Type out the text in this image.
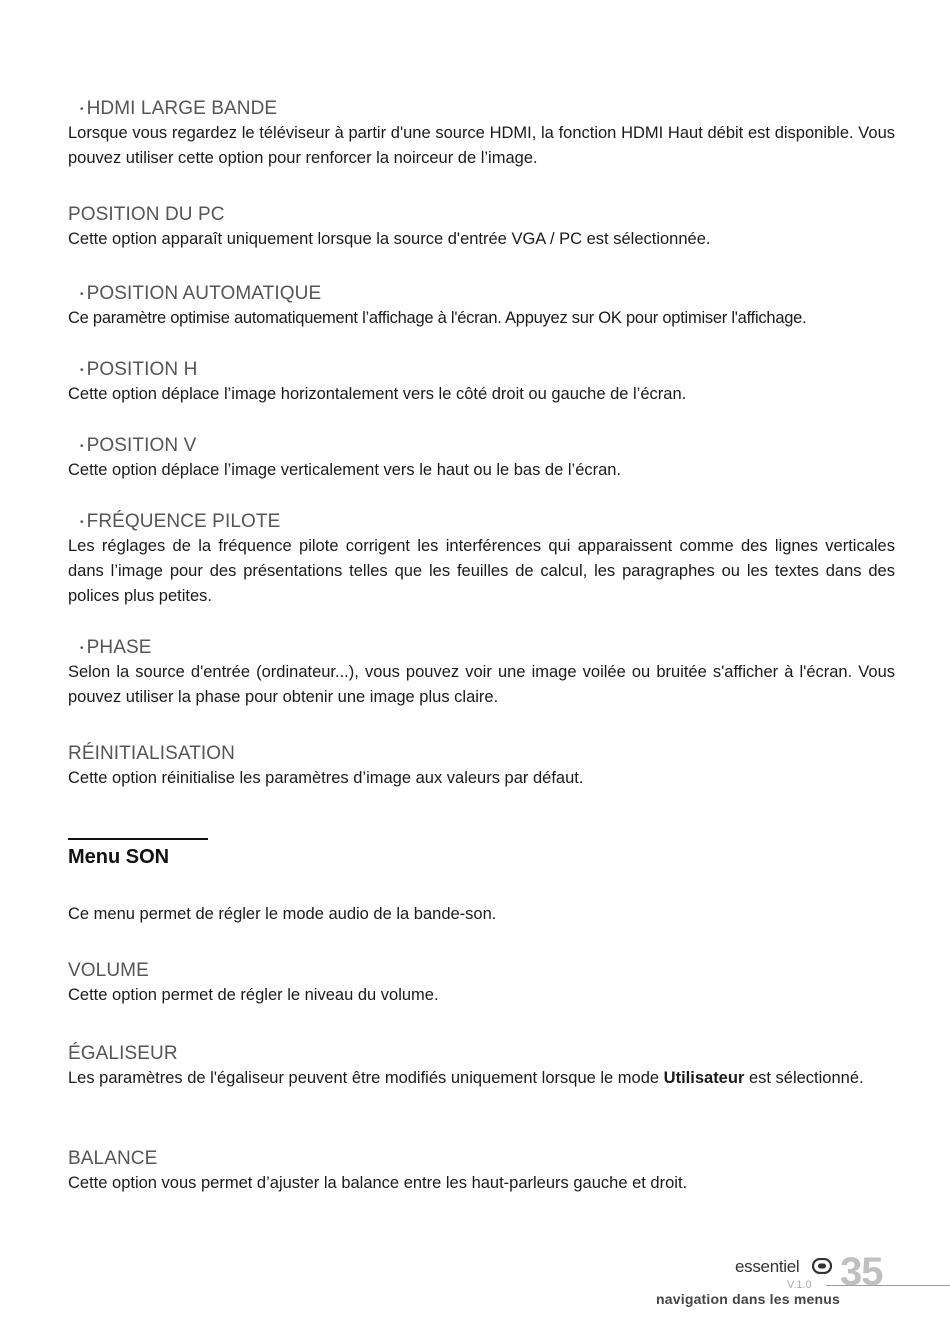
• HDMI LARGE BANDE
Lorsque vous regardez le téléviseur à partir d'une source HDMI, la fonction HDMI Haut débit est disponible. Vous pouvez utiliser cette option pour renforcer la noirceur de l’image.
POSITION DU PC
Cette option apparaît uniquement lorsque la source d'entrée VGA / PC est sélectionnée.
• POSITION AUTOMATIQUE
Ce paramètre optimise automatiquement l’affichage à l'écran. Appuyez sur OK pour optimiser l'affichage.
• POSITION H
Cette option déplace l’image horizontalement vers le côté droit ou gauche de l’écran.
• POSITION V
Cette option déplace l’image verticalement vers le haut ou le bas de l’écran.
• FRÉQUENCE PILOTE
Les réglages de la fréquence pilote corrigent les interférences qui apparaissent comme des lignes verticales dans l’image pour des présentations telles que les feuilles de calcul, les paragraphes ou les textes dans des polices plus petites.
• PHASE
Selon la source d'entrée (ordinateur...), vous pouvez voir une image voilée ou bruitée s'afficher à l'écran. Vous pouvez utiliser la phase pour obtenir une image plus claire.
RÉINITIALISATION
Cette option réinitialise les paramètres d’image aux valeurs par défaut.
Ce menu permet de régler le mode audio de la bande-son.
VOLUME
Cette option permet de régler le niveau du volume.
ÉGALISEUR
Les paramètres de l'égaliseur peuvent être modifiés uniquement lorsque le mode Utilisateur est sélectionné.
BALANCE
Cette option vous permet d’ajuster la balance entre les haut-parleurs gauche et droit.
Menu SON
essentiel
V.1.0 35
navigation dans les menus
